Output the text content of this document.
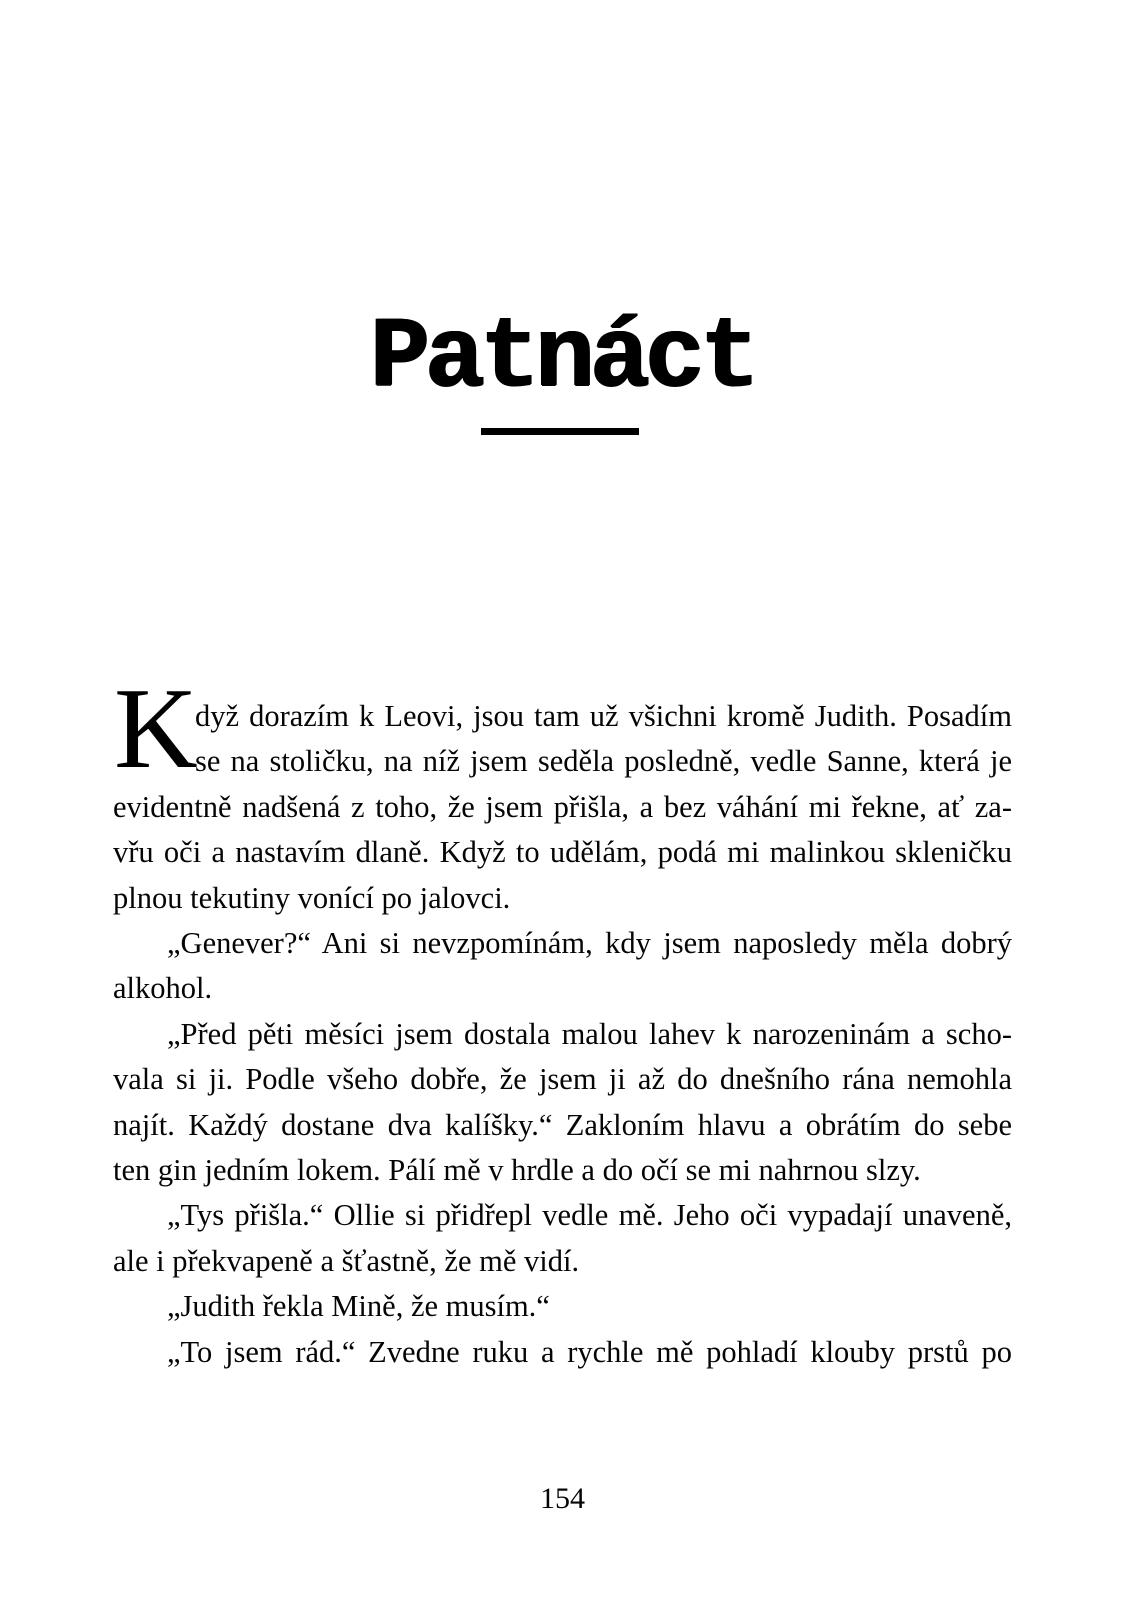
Patnáct
K
dyž dorazím k Leovi, jsou tam už všichni kromě Judith. Posadím
se na stoličku, na níž jsem seděla posledně, vedle Sanne, která je
evidentně nadšená z toho, že jsem přišla, a bez váhání mi řekne, ať za-
vřu oči a nastavím dlaně. Když to udělám, podá mi malinkou skleničku
plnou tekutiny vonící po jalovci.
„Genever?“ Ani si nevzpomínám, kdy jsem naposledy měla dobrý
alkohol.
„Před pěti měsíci jsem dostala malou lahev k narozeninám a scho-
vala si ji. Podle všeho dobře, že jsem ji až do dnešního rána nemohla
najít. Každý dostane dva kalíšky.“ Zakloním hlavu a obrátím do sebe
ten gin jedním lokem. Pálí mě v hrdle a do očí se mi nahrnou slzy.
„Tys přišla.“ Ollie si přidřepl vedle mě. Jeho oči vypadají unaveně,
ale i překvapeně a šťastně, že mě vidí.
„Judith řekla Mině, že musím.“
„To jsem rád.“ Zvedne ruku a rychle mě pohladí klouby prstů po
154
